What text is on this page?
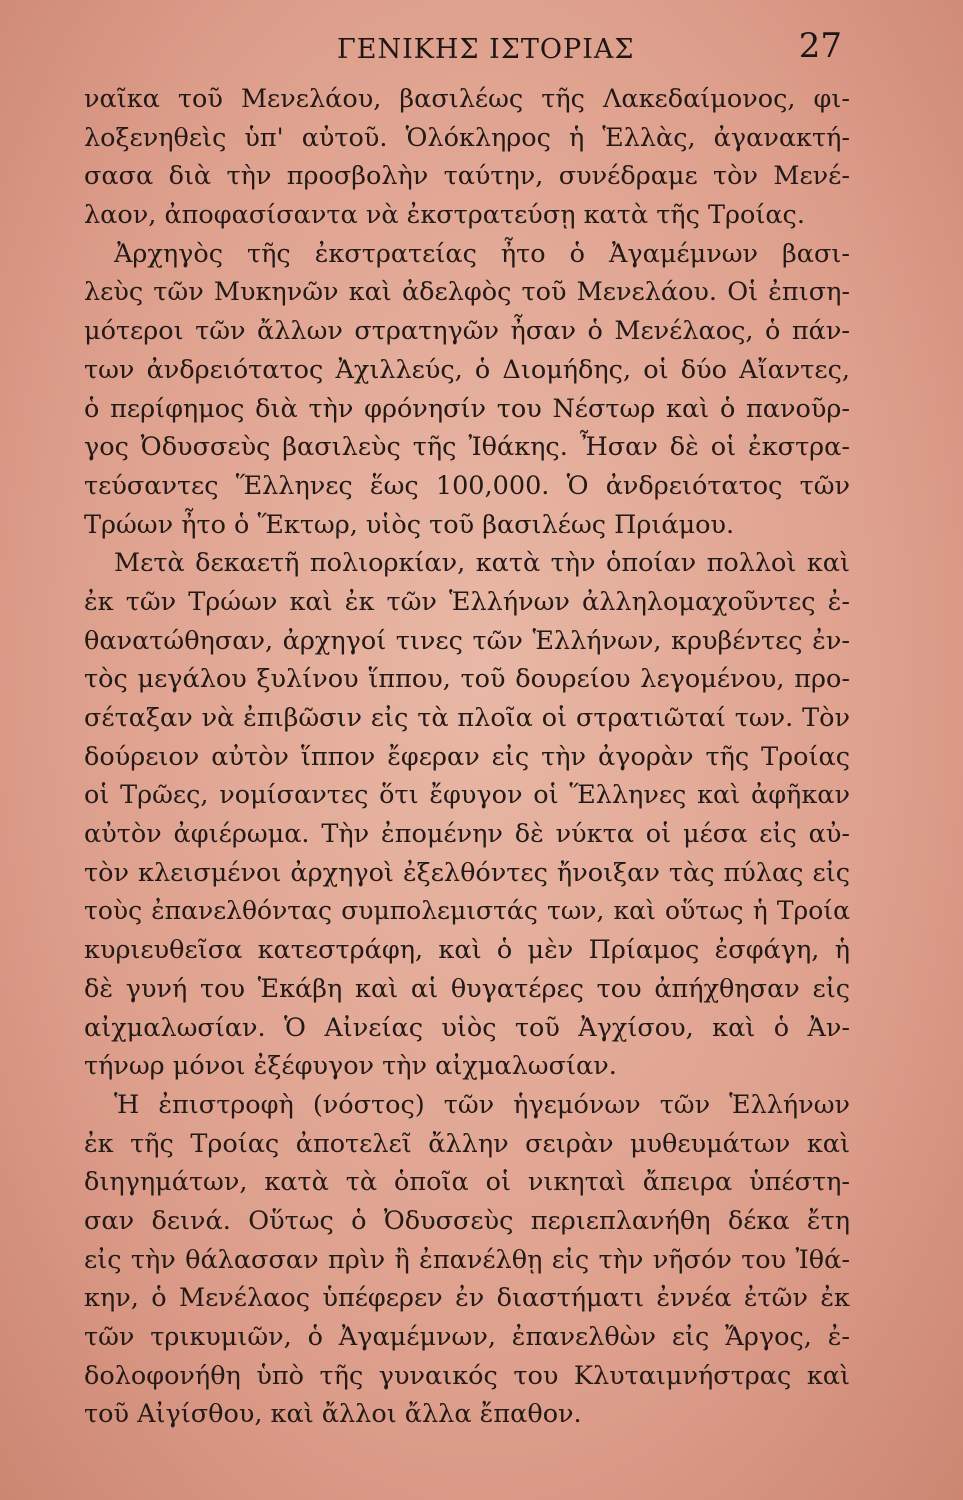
ΓΕΝΙΚΗΣ ΙΣΤΟΡΙΑΣ	27
ναῖκα τοῦ Μενελάου, βασιλέως τῆς Λακεδαίμονος, φι-
λοξενηθεὶς ὑπ' αὐτοῦ. Ὁλόκληρος ἡ Ἑλλὰς, ἀγανακτή-
σασα διὰ τὴν προσβολὴν ταύτην, συνέδραμε τὸν Μενέ-
λαον, ἀποφασίσαντα νὰ ἐκστρατεύσῃ κατὰ τῆς Τροίας.
Ἀρχηγὸς τῆς ἐκστρατείας ἦτο ὁ Ἀγαμέμνων βασι-
λεὺς τῶν Μυκηνῶν καὶ ἀδελφὸς τοῦ Μενελάου. Οἱ ἐπιση-
μότεροι τῶν ἄλλων στρατηγῶν ἦσαν ὁ Μενέλαος, ὁ πάν-
των ἀνδρειότατος Ἀχιλλεύς, ὁ Διομήδης, οἱ δύο Αἴαντες,
ὁ περίφημος διὰ τὴν φρόνησίν του Νέστωρ καὶ ὁ πανοῦρ-
γος Ὀδυσσεὺς βασιλεὺς τῆς Ἰθάκης. Ἦσαν δὲ οἱ ἐκστρα-
τεύσαντες Ἕλληνες ἕως 100,000. Ὁ ἀνδρειότατος τῶν
Τρώων ἦτο ὁ Ἕκτωρ, υἱὸς τοῦ βασιλέως Πριάμου.
Μετὰ δεκαετῆ πολιορκίαν, κατὰ τὴν ὁποίαν πολλοὶ καὶ
ἐκ τῶν Τρώων καὶ ἐκ τῶν Ἑλλήνων ἀλληλομαχοῦντες ἐ-
θανατώθησαν, ἀρχηγοί τινες τῶν Ἑλλήνων, κρυβέντες ἐν-
τὸς μεγάλου ξυλίνου ἵππου, τοῦ δουρείου λεγομένου, προ-
σέταξαν νὰ ἐπιβῶσιν εἰς τὰ πλοῖα οἱ στρατιῶταί των. Τὸν
δούρειον αὐτὸν ἵππον ἔφεραν εἰς τὴν ἀγορὰν τῆς Τροίας
οἱ Τρῶες, νομίσαντες ὅτι ἔφυγον οἱ Ἕλληνες καὶ ἀφῆκαν
αὐτὸν ἀφιέρωμα. Τὴν ἐπομένην δὲ νύκτα οἱ μέσα εἰς αὐ-
τὸν κλεισμένοι ἀρχηγοὶ ἐξελθόντες ἤνοιξαν τὰς πύλας εἰς
τοὺς ἐπανελθόντας συμπολεμιστάς των, καὶ οὕτως ἡ Τροία
κυριευθεῖσα κατεστράφη, καὶ ὁ μὲν Πρίαμος ἐσφάγη, ἡ
δὲ γυνή του Ἑκάβη καὶ αἱ θυγατέρες του ἀπήχθησαν εἰς
αἰχμαλωσίαν. Ὁ Αἰνείας υἱὸς τοῦ Ἀγχίσου, καὶ ὁ Ἀν-
τήνωρ μόνοι ἐξέφυγον τὴν αἰχμαλωσίαν.
Ἡ ἐπιστροφὴ (νόστος) τῶν ἡγεμόνων τῶν Ἑλλήνων
ἐκ τῆς Τροίας ἀποτελεῖ ἄλλην σειρὰν μυθευμάτων καὶ
διηγημάτων, κατὰ τὰ ὁποῖα οἱ νικηταὶ ἄπειρα ὑπέστη-
σαν δεινά. Οὕτως ὁ Ὀδυσσεὺς περιεπλανήθη δέκα ἔτη
εἰς τὴν θάλασσαν πρὶν ἢ ἐπανέλθῃ εἰς τὴν νῆσόν του Ἰθά-
κην, ὁ Μενέλαος ὑπέφερεν ἐν διαστήματι ἐννέα ἐτῶν ἐκ
τῶν τρικυμιῶν, ὁ Ἀγαμέμνων, ἐπανελθὼν εἰς Ἄργος, ἐ-
δολοφονήθη ὑπὸ τῆς γυναικός του Κλυταιμνήστρας καὶ
τοῦ Αἰγίσθου, καὶ ἄλλοι ἄλλα ἔπαθον.
